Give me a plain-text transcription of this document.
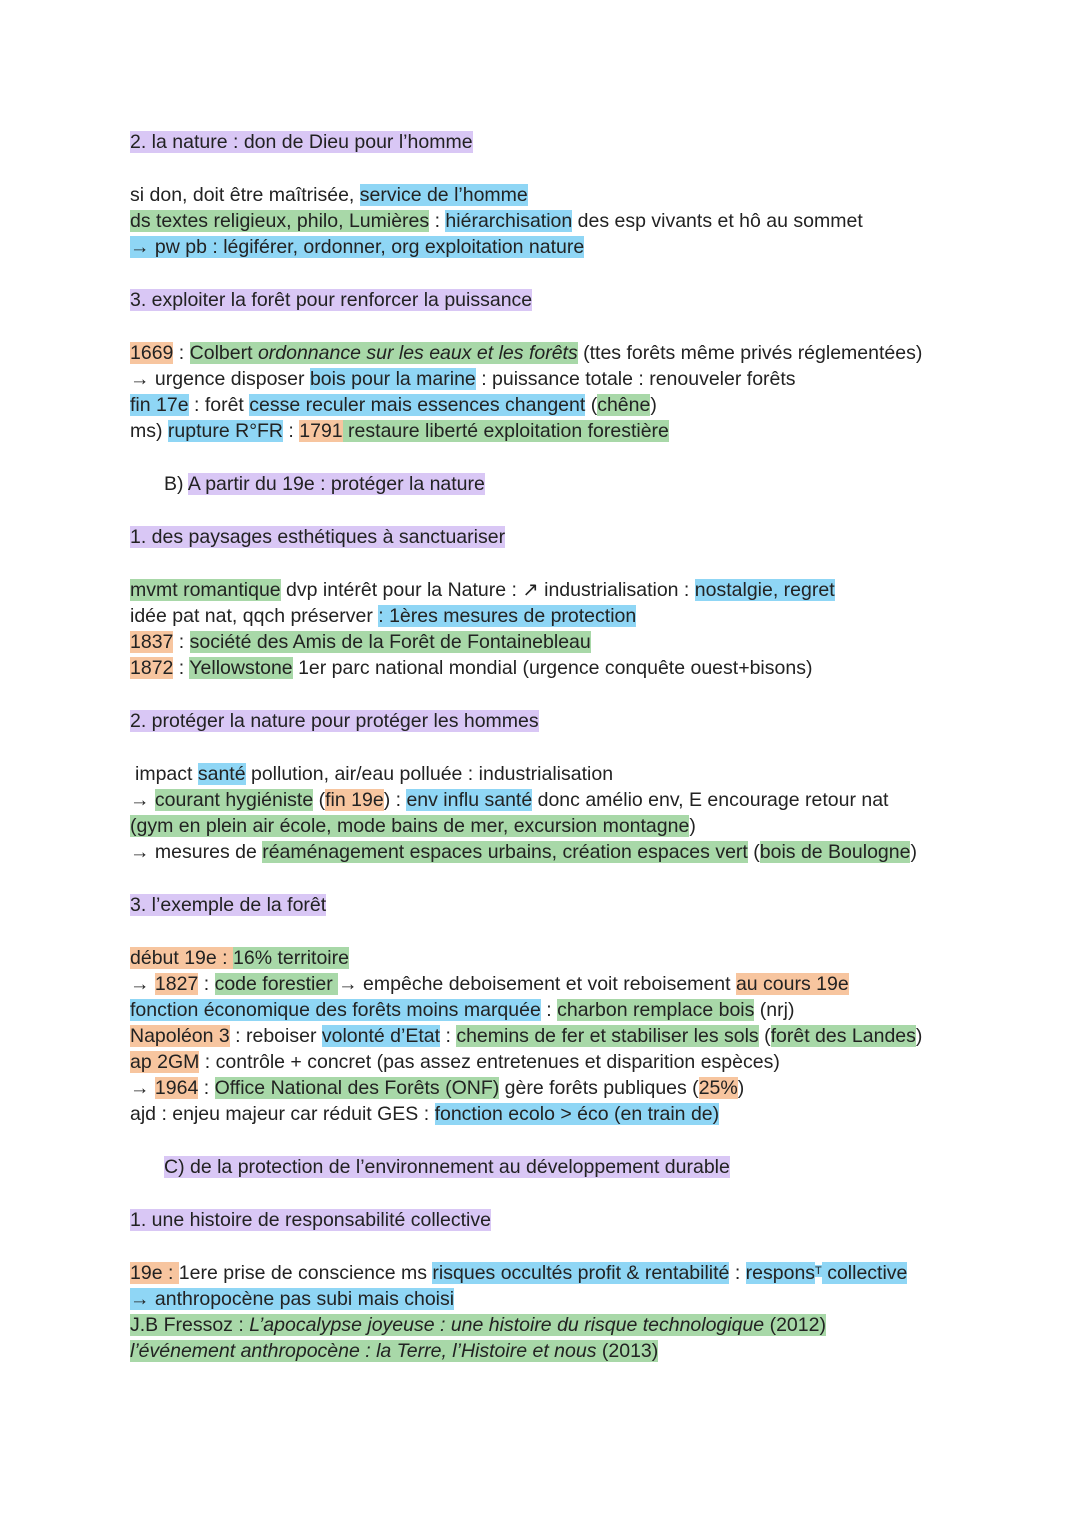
2. la nature : don de Dieu pour l’homme
si don, doit être maîtrisée, service de l’homme
ds textes religieux, philo, Lumières : hiérarchisation des esp vivants et hô au sommet
→ pw pb : légiférer, ordonner, org exploitation nature
3. exploiter la forêt pour renforcer la puissance
1669 : Colbert ordonnance sur les eaux et les forêts (ttes forêts même privés réglementées)
→ urgence disposer bois pour la marine : puissance totale : renouveler forêts
fin 17e : forêt cesse reculer mais essences changent (chêne)
ms) rupture R°FR : 1791 restaure liberté exploitation forestière
B) A partir du 19e : protéger la nature
1. des paysages esthétiques à sanctuariser
mvmt romantique dvp intérêt pour la Nature : ↗ industrialisation : nostalgie, regret
idée pat nat, qqch préserver : 1ères mesures de protection
1837 : société des Amis de la Forêt de Fontainebleau
1872 : Yellowstone 1er parc national mondial (urgence conquête ouest+bisons)
2. protéger la nature pour protéger les hommes
impact santé pollution, air/eau polluée : industrialisation
→ courant hygiéniste (fin 19e) : env influ santé donc amélio env, E encourage retour nat
(gym en plein air école, mode bains de mer, excursion montagne)
→ mesures de réaménagement espaces urbains, création espaces vert (bois de Boulogne)
3. l’exemple de la forêt
début 19e : 16% territoire
→ 1827 : code forestier → empêche deboisement et voit reboisement au cours 19e
fonction économique des forêts moins marquée : charbon remplace bois (nrj)
Napoléon 3 : reboiser volonté d’Etat : chemins de fer et stabiliser les sols (forêt des Landes)
ap 2GM : contrôle + concret (pas assez entretenues et disparition espèces)
→ 1964 : Office National des Forêts (ONF) gère forêts publiques (25%)
ajd : enjeu majeur car réduit GES : fonction ecolo > éco (en train de)
C) de la protection de l’environnement au développement durable
1. une histoire de responsabilité collective
19e : 1ere prise de conscience ms risques occultés profit & rentabilité : respons$^T$ collective
→ anthropocène pas subi mais choisi
J.B Fressoz : L’apocalypse joyeuse : une histoire du risque technologique (2012)
l’événement anthropocène : la Terre, l’Histoire et nous (2013)
